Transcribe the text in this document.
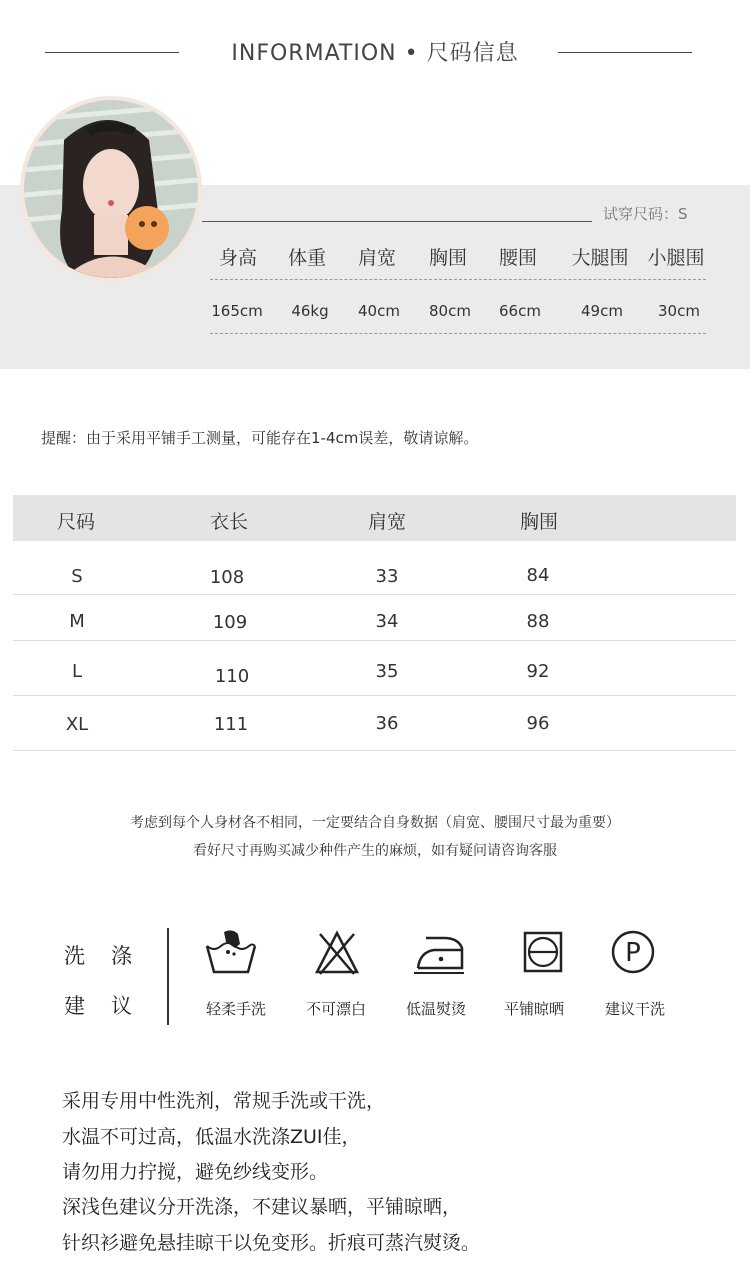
INFORMATION • 尺码信息
试穿尺码：S
身高	体重	肩宽	胸围	腰围	大腿围 小腿围
165cm	46kg	40cm	80cm	66cm	49cm	30cm
提醒：由于采用平铺手工测量，可能存在1-4cm误差，敬请谅解。
尺码	衣长	肩宽	胸围
S	108	33	84
M	109	34	88
L	110	35	92
XL	111	36	96
考虑到每个人身材各不相同，一定要结合自身数据（肩宽、腰围尺寸最为重要）
看好尺寸再购买减少种件产生的麻烦，如有疑问请咨询客服
洗涤
建议	轻柔手洗	不可漂白	低温熨烫	平铺晾晒
P
建议干洗
采用专用中性洗剂，常规手洗或干洗，
水温不可过高，低温水洗涤ZUI佳，
请勿用力拧搅，避免纱线变形。
深浅色建议分开洗涤，不建议暴晒，平铺晾晒，
针织衫避免悬挂晾干以免变形。折痕可蒸汽熨烫。
